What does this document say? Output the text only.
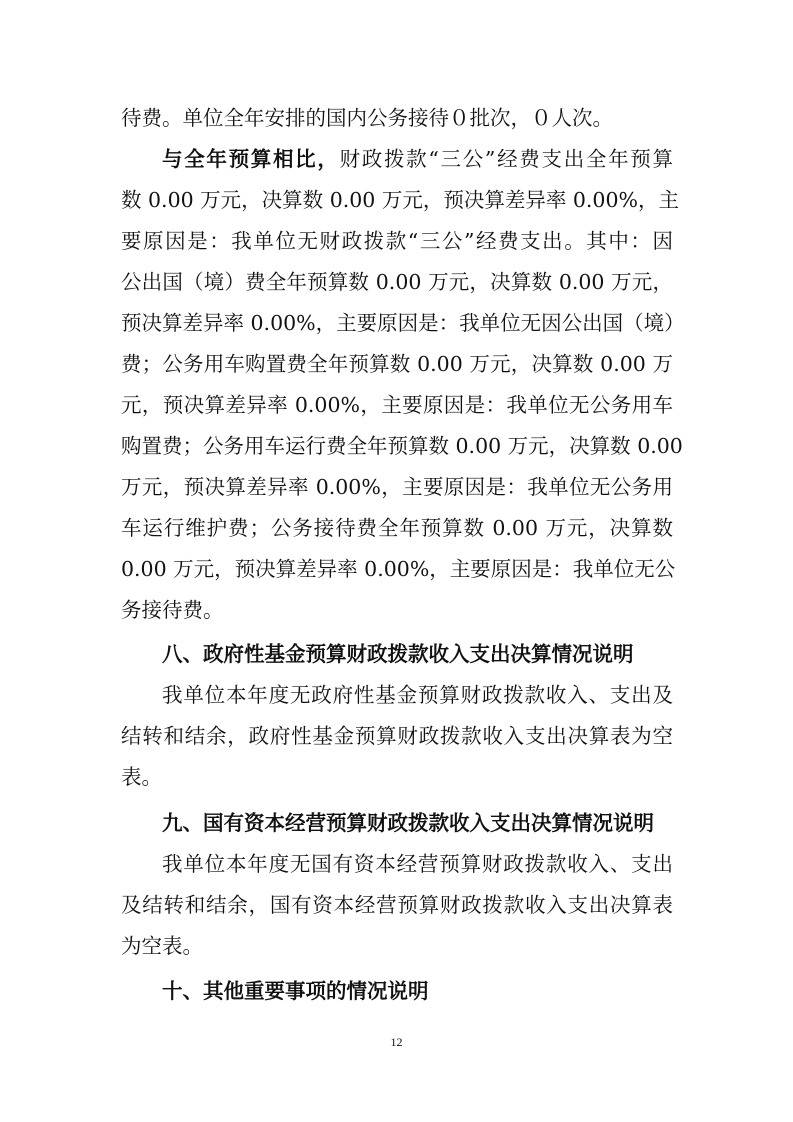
待费。单位全年安排的国内公务接待０批次，０人次。
与全年预算相比，财政拨款“三公”经费支出全年预算
数 0.00 万元，决算数 0.00 万元，预决算差异率 0.00%，主
要原因是：我单位无财政拨款“三公”经费支出。其中：因
公出国（境）费全年预算数 0.00 万元，决算数 0.00 万元，
预决算差异率 0.00%，主要原因是：我单位无因公出国（境）
费；公务用车购置费全年预算数 0.00 万元，决算数 0.00 万
元，预决算差异率 0.00%，主要原因是：我单位无公务用车
购置费；公务用车运行费全年预算数 0.00 万元，决算数 0.00
万元，预决算差异率 0.00%，主要原因是：我单位无公务用
车运行维护费；公务接待费全年预算数 0.00 万元，决算数
0.00 万元，预决算差异率 0.00%，主要原因是：我单位无公
务接待费。
八、政府性基金预算财政拨款收入支出决算情况说明
我单位本年度无政府性基金预算财政拨款收入、支出及
结转和结余，政府性基金预算财政拨款收入支出决算表为空
表。
九、国有资本经营预算财政拨款收入支出决算情况说明
我单位本年度无国有资本经营预算财政拨款收入、支出
及结转和结余，国有资本经营预算财政拨款收入支出决算表
为空表。
十、其他重要事项的情况说明
12
